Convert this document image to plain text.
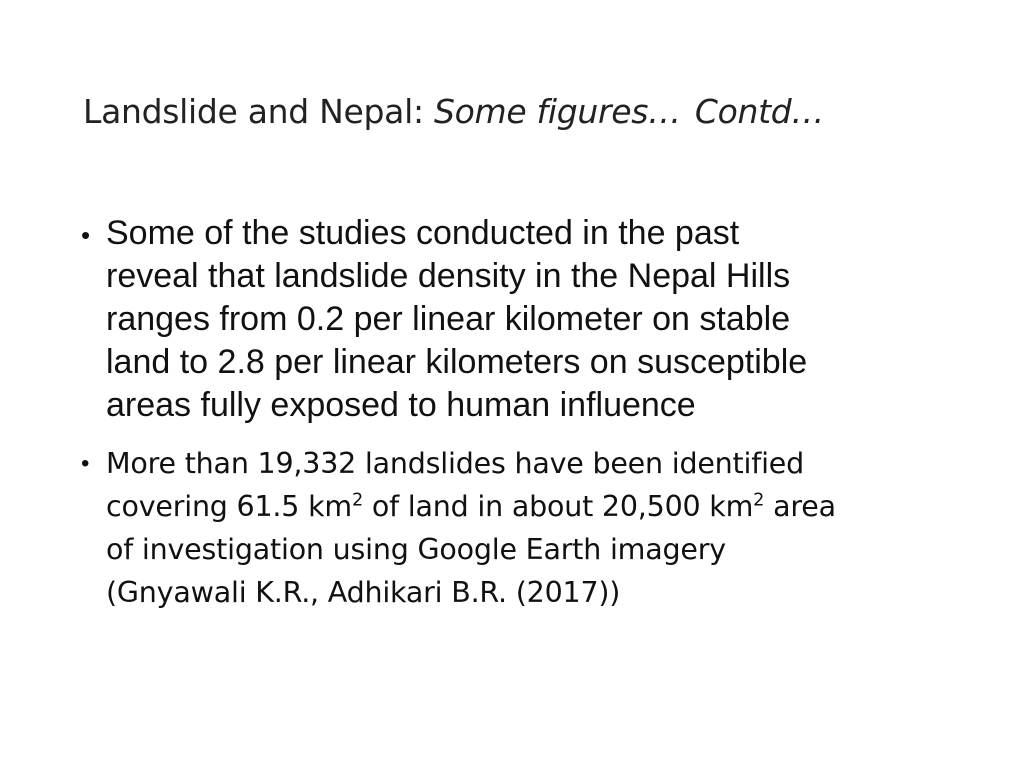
Landslide and Nepal: Some figures… Contd…
• Some of the studies conducted in the past
reveal that landslide density in the Nepal Hills
ranges from 0.2 per linear kilometer on stable
land to 2.8 per linear kilometers on susceptible
areas fully exposed to human influence
• More than 19,332 landslides have been identified
covering 61.5 $km^2$ of land in about 20,500 $km^2$ area
of investigation using Google Earth imagery
(Gnyawali K.R., Adhikari B.R. (2017))
